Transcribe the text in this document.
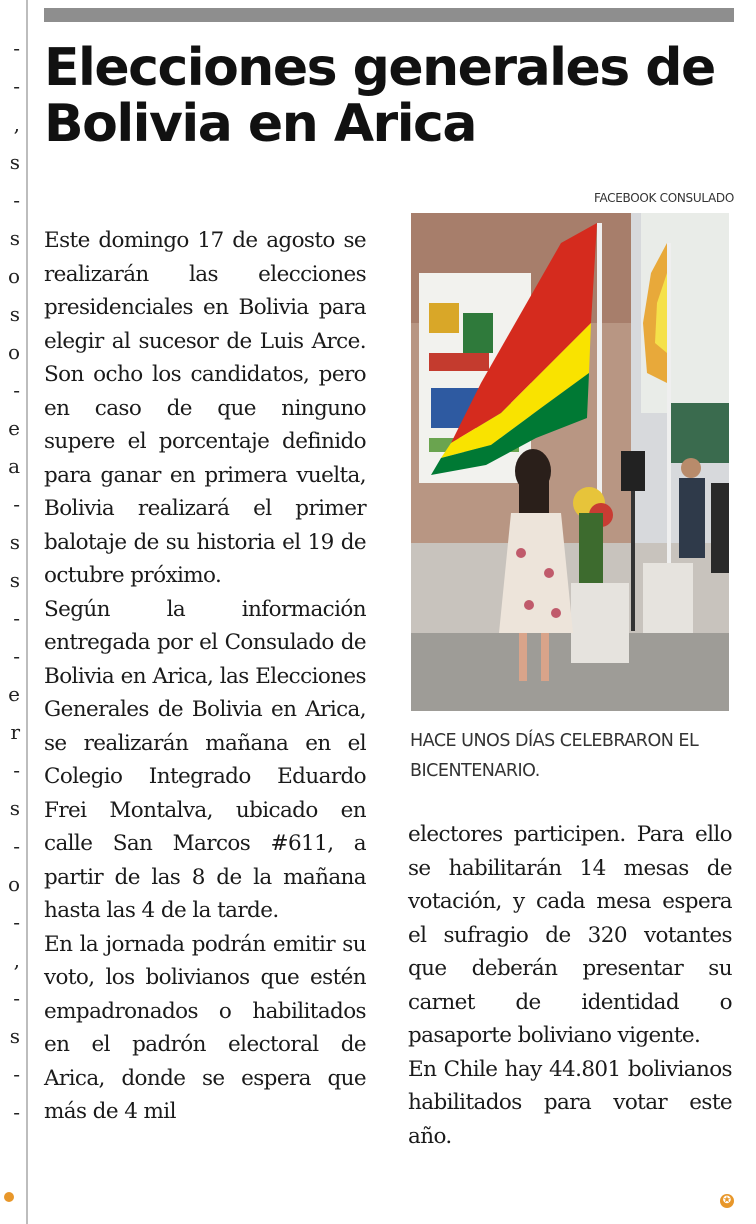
-
-
,
s
-
s
o
s
o
-
e
a
-
s
s
-
-
e
r
-
s
-
o
-
,
-
s
-
-
Elecciones generales de Bolivia en Arica

Este domingo 17 de agosto se realizarán las elecciones presidenciales en Bolivia para elegir al sucesor de Luis Arce. Son ocho los candidatos, pero en caso de que ninguno supere el porcentaje definido para ganar en primera vuelta, Bolivia realizará el primer balotaje de su historia el 19 de octubre próximo.

Según la información entregada por el Consulado de Bolivia en Arica, las Elecciones Generales de Bolivia en Arica, se realizarán mañana en el Colegio Integrado Eduardo Frei Montalva, ubicado en calle San Marcos #611, a partir de las 8 de la mañana hasta las 4 de la tarde.

En la jornada podrán emitir su voto, los bolivianos que estén empadronados o habilitados en el padrón electoral de Arica, donde se espera que más de 4 mil

FACEBOOK CONSULADO

HACE UNOS DÍAS CELEBRARON EL BICENTENARIO.

electores participen. Para ello se habilitarán 14 mesas de votación, y cada mesa espera el sufragio de 320 votantes que deberán presentar su carnet de identidad o pasaporte boliviano vigente.

En Chile hay 44.801 bolivianos habilitados para votar este año.

✪
